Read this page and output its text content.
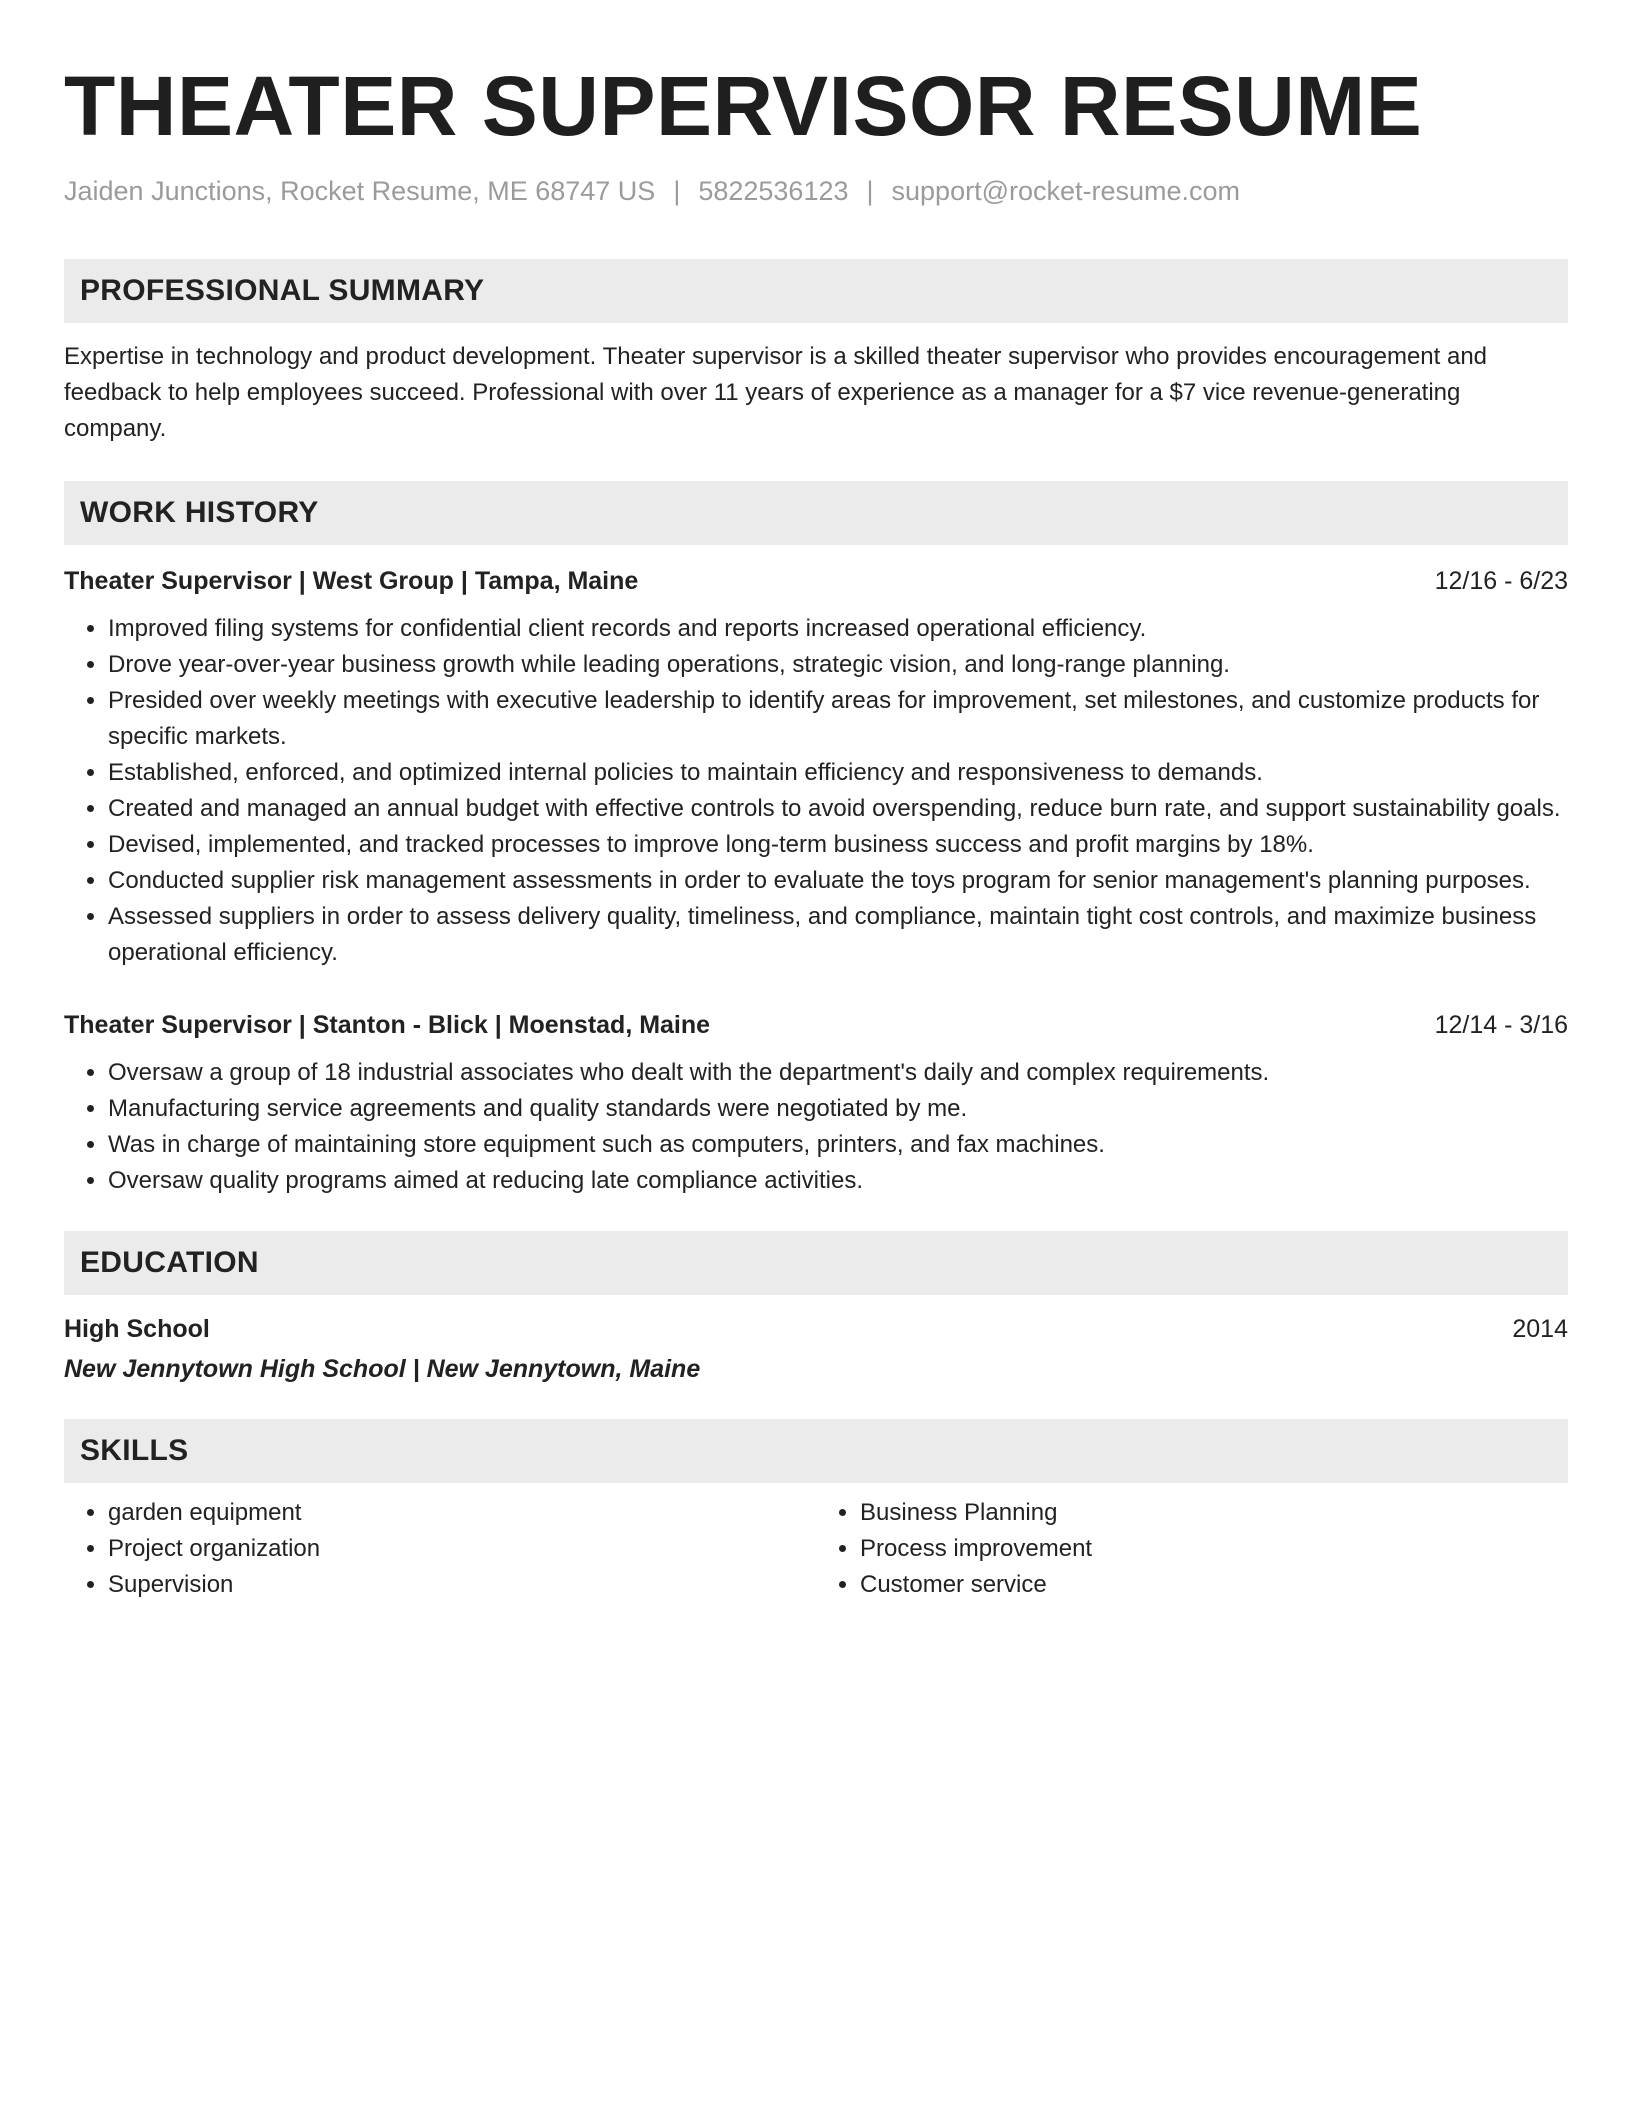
THEATER SUPERVISOR RESUME
Jaiden Junctions, Rocket Resume, ME 68747 US | 5822536123 | support@rocket-resume.com
PROFESSIONAL SUMMARY
Expertise in technology and product development. Theater supervisor is a skilled theater supervisor who provides encouragement and feedback to help employees succeed. Professional with over 11 years of experience as a manager for a $7 vice revenue-generating company.
WORK HISTORY
Theater Supervisor | West Group | Tampa, Maine	12/16 - 6/23
• Improved filing systems for confidential client records and reports increased operational efficiency.
• Drove year-over-year business growth while leading operations, strategic vision, and long-range planning.
• Presided over weekly meetings with executive leadership to identify areas for improvement, set milestones, and customize products for specific markets.
• Established, enforced, and optimized internal policies to maintain efficiency and responsiveness to demands.
• Created and managed an annual budget with effective controls to avoid overspending, reduce burn rate, and support sustainability goals.
• Devised, implemented, and tracked processes to improve long-term business success and profit margins by 18%.
• Conducted supplier risk management assessments in order to evaluate the toys program for senior management's planning purposes.
• Assessed suppliers in order to assess delivery quality, timeliness, and compliance, maintain tight cost controls, and maximize business operational efficiency.
Theater Supervisor | Stanton - Blick | Moenstad, Maine	12/14 - 3/16
• Oversaw a group of 18 industrial associates who dealt with the department's daily and complex requirements.
• Manufacturing service agreements and quality standards were negotiated by me.
• Was in charge of maintaining store equipment such as computers, printers, and fax machines.
• Oversaw quality programs aimed at reducing late compliance activities.
EDUCATION
High School	2014
New Jennytown High School | New Jennytown, Maine
SKILLS
• garden equipment
• Project organization
• Supervision
• Business Planning
• Process improvement
• Customer service
